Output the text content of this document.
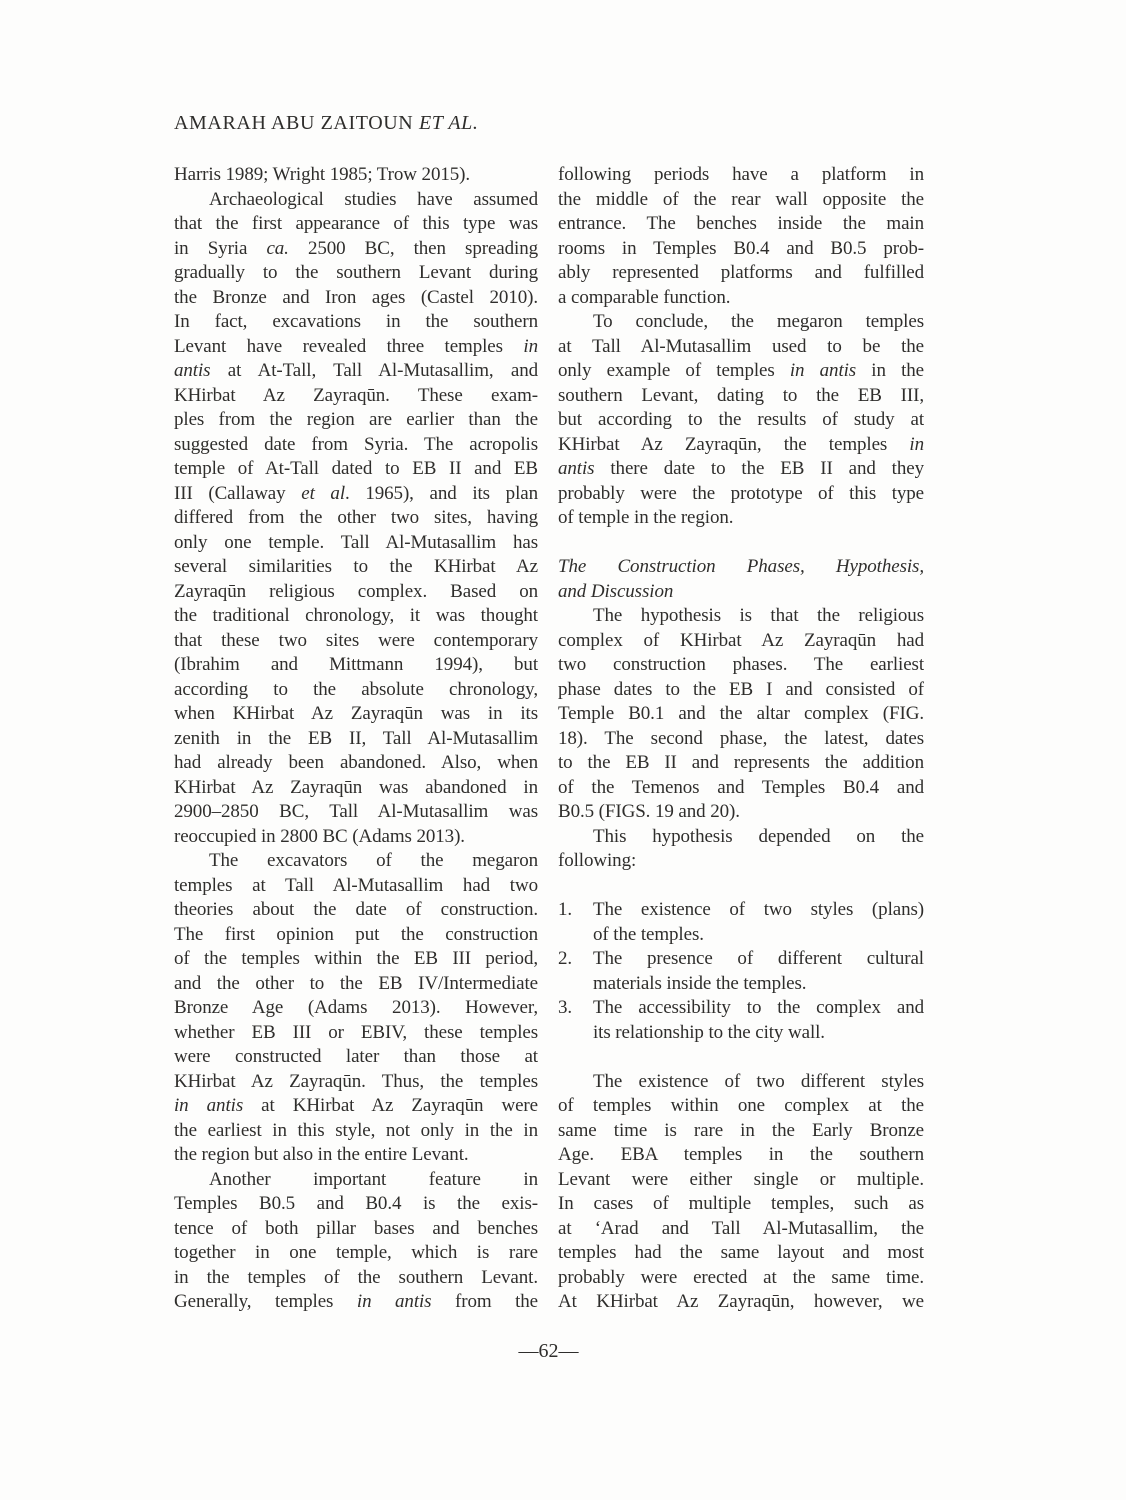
AMARAH ABU ZAITOUN ET AL.
Harris 1989; Wright 1985; Trow 2015).
Archaeological studies have assumed
that the first appearance of this type was
in Syria ca. 2500 BC, then spreading
gradually to the southern Levant during
the Bronze and Iron ages (Castel 2010).
In fact, excavations in the southern
Levant have revealed three temples in
antis at At-Tall, Tall Al-Mutasallim, and
KHirbat Az Zayraqūn. These exam-
ples from the region are earlier than the
suggested date from Syria. The acropolis
temple of At-Tall dated to EB II and EB
III (Callaway et al. 1965), and its plan
differed from the other two sites, having
only one temple. Tall Al-Mutasallim has
several similarities to the KHirbat Az
Zayraqūn religious complex. Based on
the traditional chronology, it was thought
that these two sites were contemporary
(Ibrahim and Mittmann 1994), but
according to the absolute chronology,
when KHirbat Az Zayraqūn was in its
zenith in the EB II, Tall Al-Mutasallim
had already been abandoned. Also, when
KHirbat Az Zayraqūn was abandoned in
2900–2850 BC, Tall Al-Mutasallim was
reoccupied in 2800 BC (Adams 2013).
The excavators of the megaron
temples at Tall Al-Mutasallim had two
theories about the date of construction.
The first opinion put the construction
of the temples within the EB III period,
and the other to the EB IV/Intermediate
Bronze Age (Adams 2013). However,
whether EB III or EBIV, these temples
were constructed later than those at
KHirbat Az Zayraqūn. Thus, the temples
in antis at KHirbat Az Zayraqūn were
the earliest in this style, not only in the in
the region but also in the entire Levant.
Another important feature in
Temples B0.5 and B0.4 is the exis-
tence of both pillar bases and benches
together in one temple, which is rare
in the temples of the southern Levant.
Generally, temples in antis from the
following periods have a platform in
the middle of the rear wall opposite the
entrance. The benches inside the main
rooms in Temples B0.4 and B0.5 prob-
ably represented platforms and fulfilled
a comparable function.
To conclude, the megaron temples
at Tall Al-Mutasallim used to be the
only example of temples in antis in the
southern Levant, dating to the EB III,
but according to the results of study at
KHirbat Az Zayraqūn, the temples in
antis there date to the EB II and they
probably were the prototype of this type
of temple in the region.
The Construction Phases, Hypothesis,
and Discussion
The hypothesis is that the religious
complex of KHirbat Az Zayraqūn had
two construction phases. The earliest
phase dates to the EB I and consisted of
Temple B0.1 and the altar complex (FIG.
18). The second phase, the latest, dates
to the EB II and represents the addition
of the Temenos and Temples B0.4 and
B0.5 (FIGS. 19 and 20).
This hypothesis depended on the
following:
1. The existence of two styles (plans)
of the temples.
2. The presence of different cultural
materials inside the temples.
3. The accessibility to the complex and
its relationship to the city wall.
The existence of two different styles
of temples within one complex at the
same time is rare in the Early Bronze
Age. EBA temples in the southern
Levant were either single or multiple.
In cases of multiple temples, such as
at ʻArad and Tall Al-Mutasallim, the
temples had the same layout and most
probably were erected at the same time.
At KHirbat Az Zayraqūn, however, we
—62—
